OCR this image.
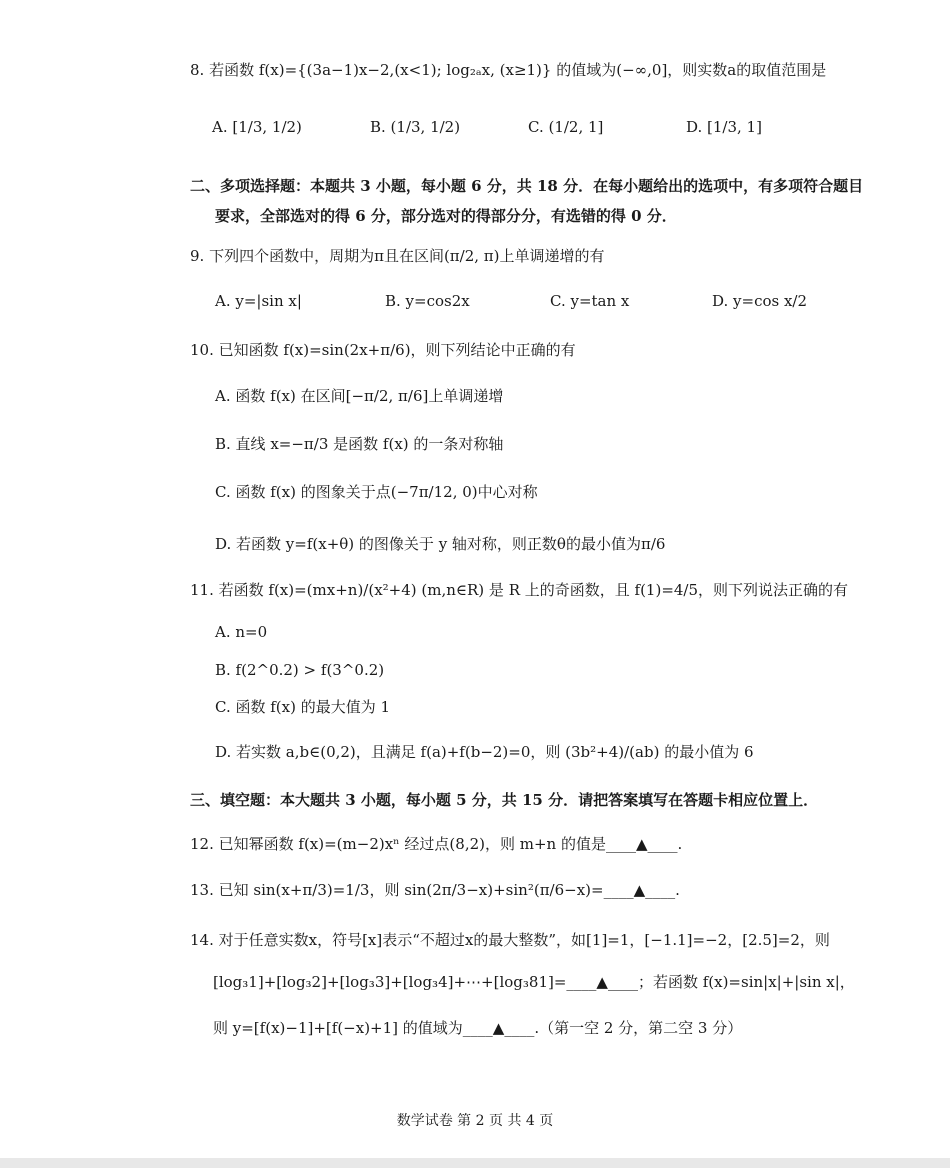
8. 若函数 f(x)={(3a−1)x−2,(x<1); log₂ₐx, (x≥1)} 的值域为(−∞,0]，则实数a的取值范围是
A. [1/3, 1/2)	B. (1/3, 1/2)	C. (1/2, 1]	D. [1/3, 1]
二、多项选择题：本题共 3 小题，每小题 6 分，共 18 分．在每小题给出的选项中，有多项符合题目
要求，全部选对的得 6 分，部分选对的得部分分，有选错的得 0 分．
9. 下列四个函数中，周期为π且在区间(π/2, π)上单调递增的有
A. y=|sin x|	B. y=cos2x	C. y=tan x	D. y=cos x/2
10. 已知函数 f(x)=sin(2x+π/6)，则下列结论中正确的有
A. 函数 f(x) 在区间[−π/2, π/6]上单调递增
B. 直线 x=−π/3 是函数 f(x) 的一条对称轴
C. 函数 f(x) 的图象关于点(−7π/12, 0)中心对称
D. 若函数 y=f(x+θ) 的图像关于 y 轴对称，则正数θ的最小值为π/6
11. 若函数 f(x)=(mx+n)/(x²+4) (m,n∈R) 是 R 上的奇函数，且 f(1)=4/5，则下列说法正确的有
A. n=0
B. f(2^0.2) > f(3^0.2)
C. 函数 f(x) 的最大值为 1
D. 若实数 a,b∈(0,2)，且满足 f(a)+f(b−2)=0，则 (3b²+4)/(ab) 的最小值为 6
三、填空题：本大题共 3 小题，每小题 5 分，共 15 分．请把答案填写在答题卡相应位置上．
12. 已知幂函数 f(x)=(m−2)xⁿ 经过点(8,2)，则 m+n 的值是____▲____.
13. 已知 sin(x+π/3)=1/3，则 sin(2π/3−x)+sin²(π/6−x)=____▲____.
14. 对于任意实数x，符号[x]表示“不超过x的最大整数”，如[1]=1，[−1.1]=−2，[2.5]=2，则
[log₃1]+[log₃2]+[log₃3]+[log₃4]+⋯+[log₃81]=____▲____；若函数 f(x)=sin|x|+|sin x|，
则 y=[f(x)−1]+[f(−x)+1] 的值域为____▲____.（第一空 2 分，第二空 3 分）
数学试卷 第 2 页 共 4 页
